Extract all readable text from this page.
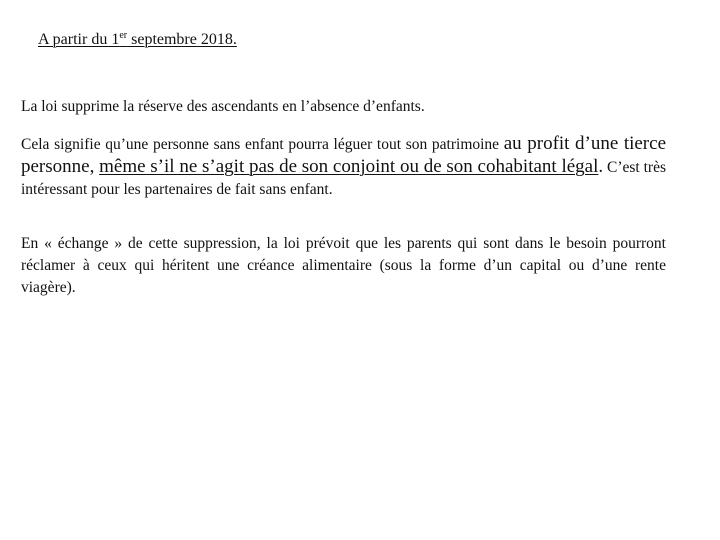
A partir du 1er septembre 2018.

La loi supprime la réserve des ascendants en l’absence d’enfants.

Cela signifie qu’une personne sans enfant pourra léguer tout son patrimoine au profit d’une tierce personne, même s’il ne s’agit pas de son conjoint ou de son cohabitant légal. C’est très intéressant pour les partenaires de fait sans enfant.

En « échange » de cette suppression, la loi prévoit que les parents qui sont dans le besoin pourront réclamer à ceux qui héritent une créance alimentaire (sous la forme d’un capital ou d’une rente viagère).
